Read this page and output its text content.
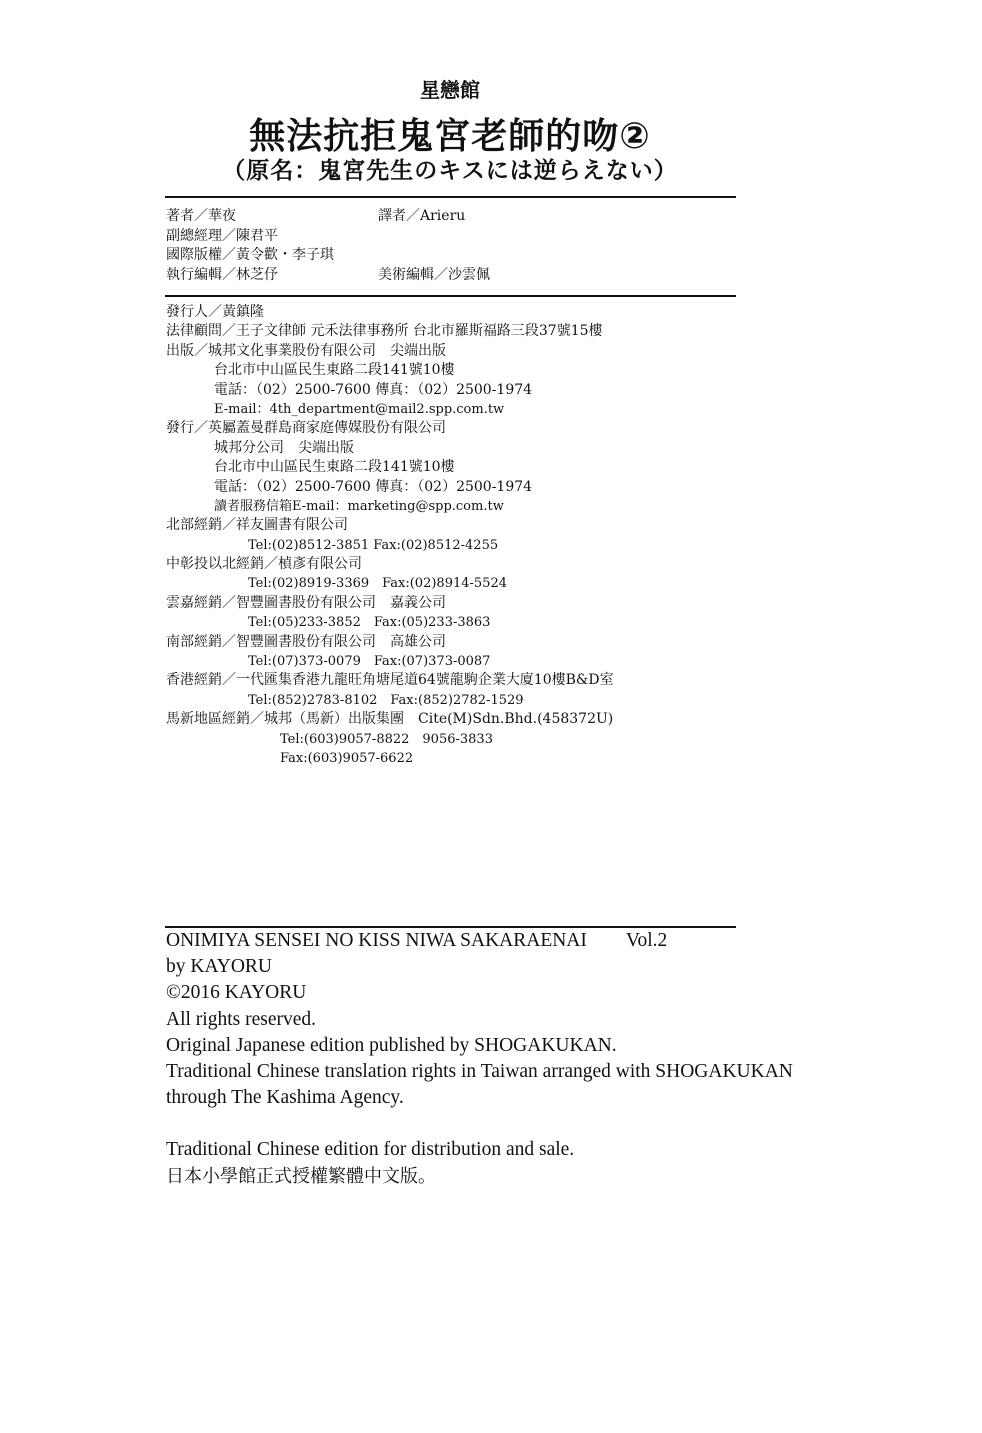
星戀館
無法抗拒鬼宮老師的吻②
（原名：鬼宮先生のキスには逆らえない）
著者／華夜	譯者／Arieru
副總經理／陳君平
國際版權／黃令歡・李子琪
執行編輯／林芝伃	美術編輯／沙雲佩
發行人／黃鎮隆
法律顧問／王子文律師 元禾法律事務所 台北市羅斯福路三段37號15樓
出版／城邦文化事業股份有限公司　尖端出版
台北市中山區民生東路二段141號10樓
電話：（02）2500-7600 傳真：（02）2500-1974
E-mail：4th_department@mail2.spp.com.tw
發行／英屬蓋曼群島商家庭傳媒股份有限公司
城邦分公司　尖端出版
台北市中山區民生東路二段141號10樓
電話：（02）2500-7600 傳真：（02）2500-1974
讀者服務信箱E-mail：marketing@spp.com.tw
北部經銷／祥友圖書有限公司
Tel:(02)8512-3851 Fax:(02)8512-4255
中彰投以北經銷／楨彥有限公司
Tel:(02)8919-3369　Fax:(02)8914-5524
雲嘉經銷／智豐圖書股份有限公司　嘉義公司
Tel:(05)233-3852　Fax:(05)233-3863
南部經銷／智豐圖書股份有限公司　高雄公司
Tel:(07)373-0079　Fax:(07)373-0087
香港經銷／一代匯集香港九龍旺角塘尾道64號龍駒企業大廈10樓B&D室
Tel:(852)2783-8102　Fax:(852)2782-1529
馬新地區經銷／城邦（馬新）出版集團　Cite(M)Sdn.Bhd.(458372U)
Tel:(603)9057-8822　9056-3833
Fax:(603)9057-6622
ONIMIYA SENSEI NO KISS NIWA SAKARAENAI　　Vol.2
by KAYORU
©2016 KAYORU
All rights reserved.
Original Japanese edition published by SHOGAKUKAN.
Traditional Chinese translation rights in Taiwan arranged with SHOGAKUKAN
through The Kashima Agency.
Traditional Chinese edition for distribution and sale.
日本小學館正式授權繁體中文版。
